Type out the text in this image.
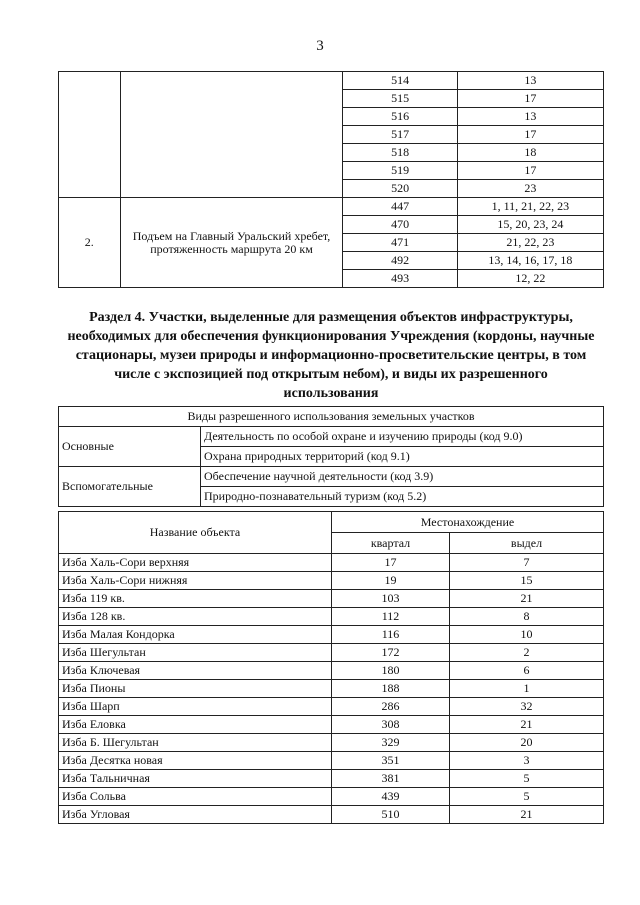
3
		514	13
		515	17
		516	13
		517	17
		518	18
		519	17
		520	23
2.	Подъем на Главный Уральский хребет, протяженность маршрута 20 км	447	1, 11, 21, 22, 23
		470	15, 20, 23, 24
		471	21, 22, 23
		492	13, 14, 16, 17, 18
		493	12, 22
Раздел 4. Участки, выделенные для размещения объектов инфраструктуры, необходимых для обеспечения функционирования Учреждения (кордоны, научные стационары, музеи природы и информационно-просветительские центры, в том числе с экспозицией под открытым небом), и виды их разрешенного использования
Виды разрешенного использования земельных участков	
Основные	Деятельность по особой охране и изучению природы (код 9.0)
	Охрана природных территорий (код 9.1)
Вспомогательные	Обеспечение научной деятельности (код 3.9)
	Природно-познавательный туризм (код 5.2)
Название объекта	Местонахождение	
	квартал	выдел
Изба Халь-Сори верхняя	17	7
Изба Халь-Сори нижняя	19	15
Изба 119 кв.	103	21
Изба 128 кв.	112	8
Изба Малая Кондорка	116	10
Изба Шегультан	172	2
Изба Ключевая	180	6
Изба Пионы	188	1
Изба Шарп	286	32
Изба Еловка	308	21
Изба Б. Шегультан	329	20
Изба Десятка новая	351	3
Изба Тальничная	381	5
Изба Сольва	439	5
Изба Угловая	510	21
